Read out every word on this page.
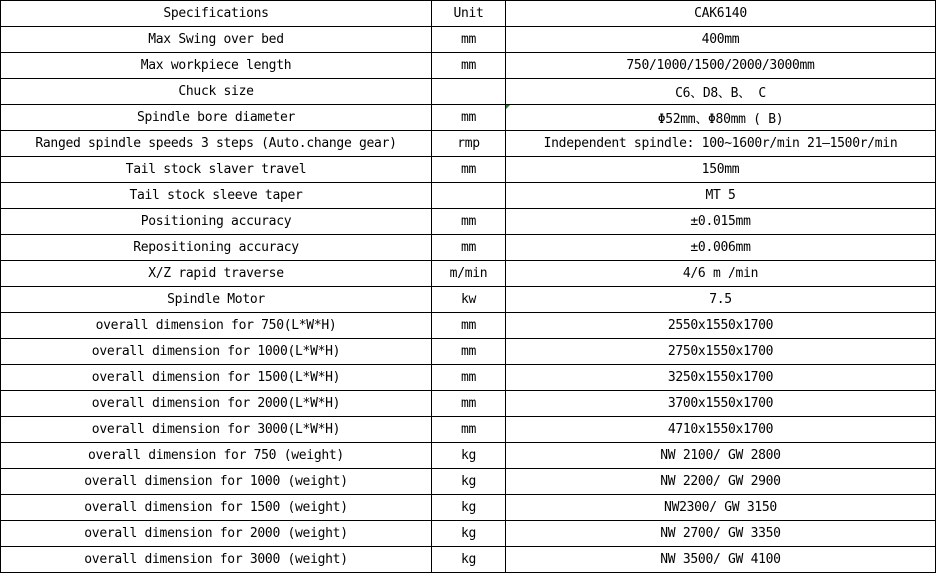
Specifications	Unit	CAK6140
Max Swing over bed	mm	400mm
Max workpiece length	mm	750/1000/1500/2000/3000mm
Chuck size		C6、D8、B、 C
Spindle bore diameter	mm	Φ52mm、Φ80mm ( B)

Ranged spindle speeds 3 steps (Auto.change gear)	rmp	Independent spindle: 100~1600r/min 21—1500r/min
Tail stock slaver travel	mm	150mm
Tail stock sleeve taper		MT 5
Positioning accuracy	mm	±0.015mm
Repositioning accuracy	mm	±0.006mm
X/Z rapid traverse	m/min	4/6 m /min
Spindle Motor	kw	7.5
overall dimension for 750(L*W*H)	mm	2550x1550x1700
overall dimension for 1000(L*W*H)	mm	2750x1550x1700
overall dimension for 1500(L*W*H)	mm	3250x1550x1700
overall dimension for 2000(L*W*H)	mm	3700x1550x1700
overall dimension for 3000(L*W*H)	mm	4710x1550x1700
overall dimension for 750 (weight)	kg	NW 2100/ GW 2800
overall dimension for 1000 (weight)	kg	NW 2200/ GW 2900
overall dimension for 1500 (weight)	kg	NW2300/ GW 3150
overall dimension for 2000 (weight)	kg	NW 2700/ GW 3350
overall dimension for 3000 (weight)	kg	NW 3500/ GW 4100
